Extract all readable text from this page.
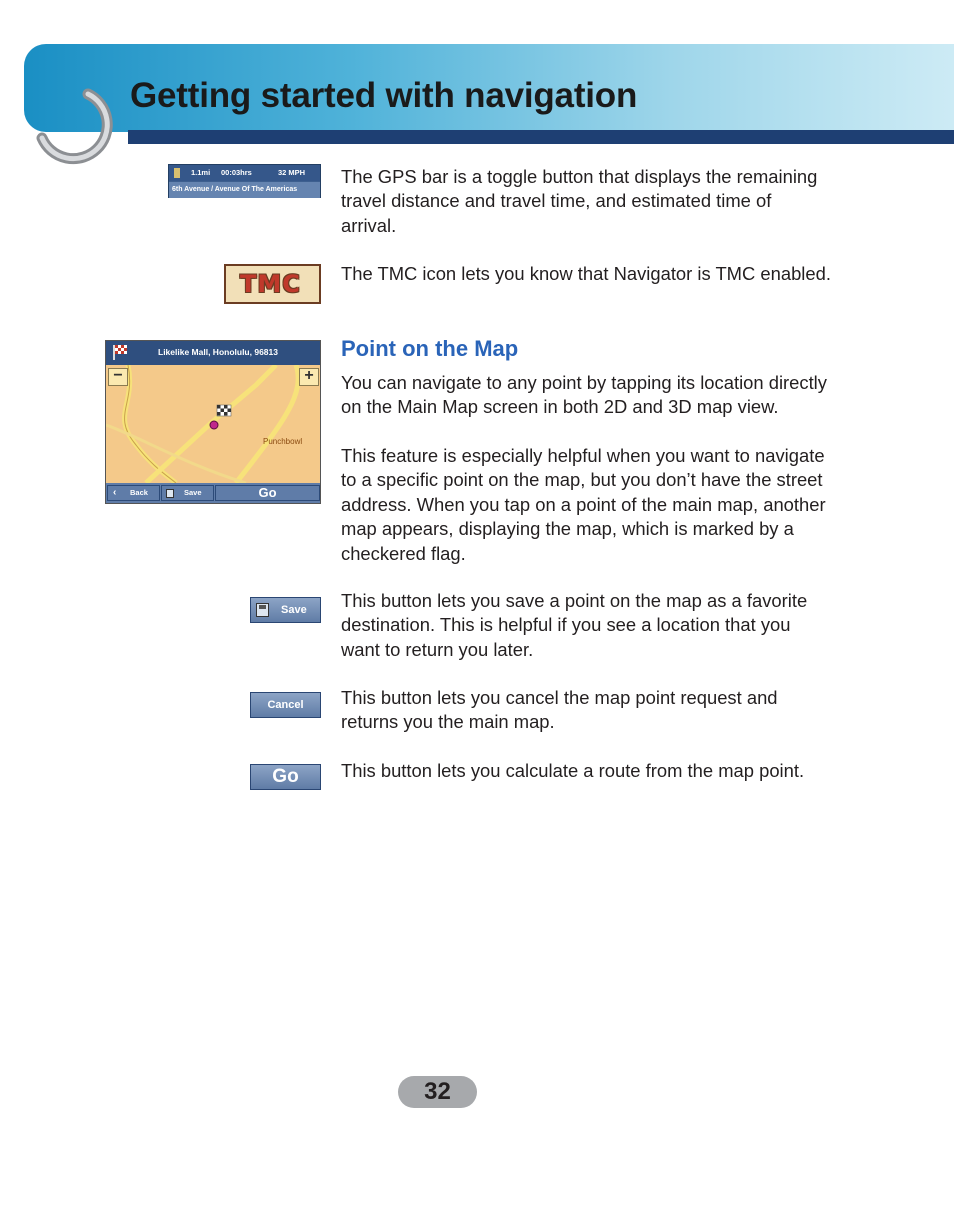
Getting started with navigation
1.1mi 00:03hrs	32 MPH
6th Avenue / Avenue Of The Americas
The GPS bar is a toggle button that displays the remaining travel distance and travel time, and estimated time of arrival.
TMC The TMC icon lets you know that Navigator is TMC enabled.
Likelike Mall, Honolulu, 96813
−	+
Punchbowl
‹ Back	Save	Go
Point on the Map
You can navigate to any point by tapping its location directly on the Main Map screen in both 2D and 3D map view.
This feature is especially helpful when you want to navigate to a specific point on the map, but you don’t have the street address. When you tap on a point of the main map, another map appears, displaying the map, which is marked by a checkered flag.
Save This button lets you save a point on the map as a favorite destination. This is helpful if you see a location that you want to return you later.
Cancel	This button lets you cancel the map point request and returns you the main map.
Go	This button lets you calculate a route from the map point.
32
